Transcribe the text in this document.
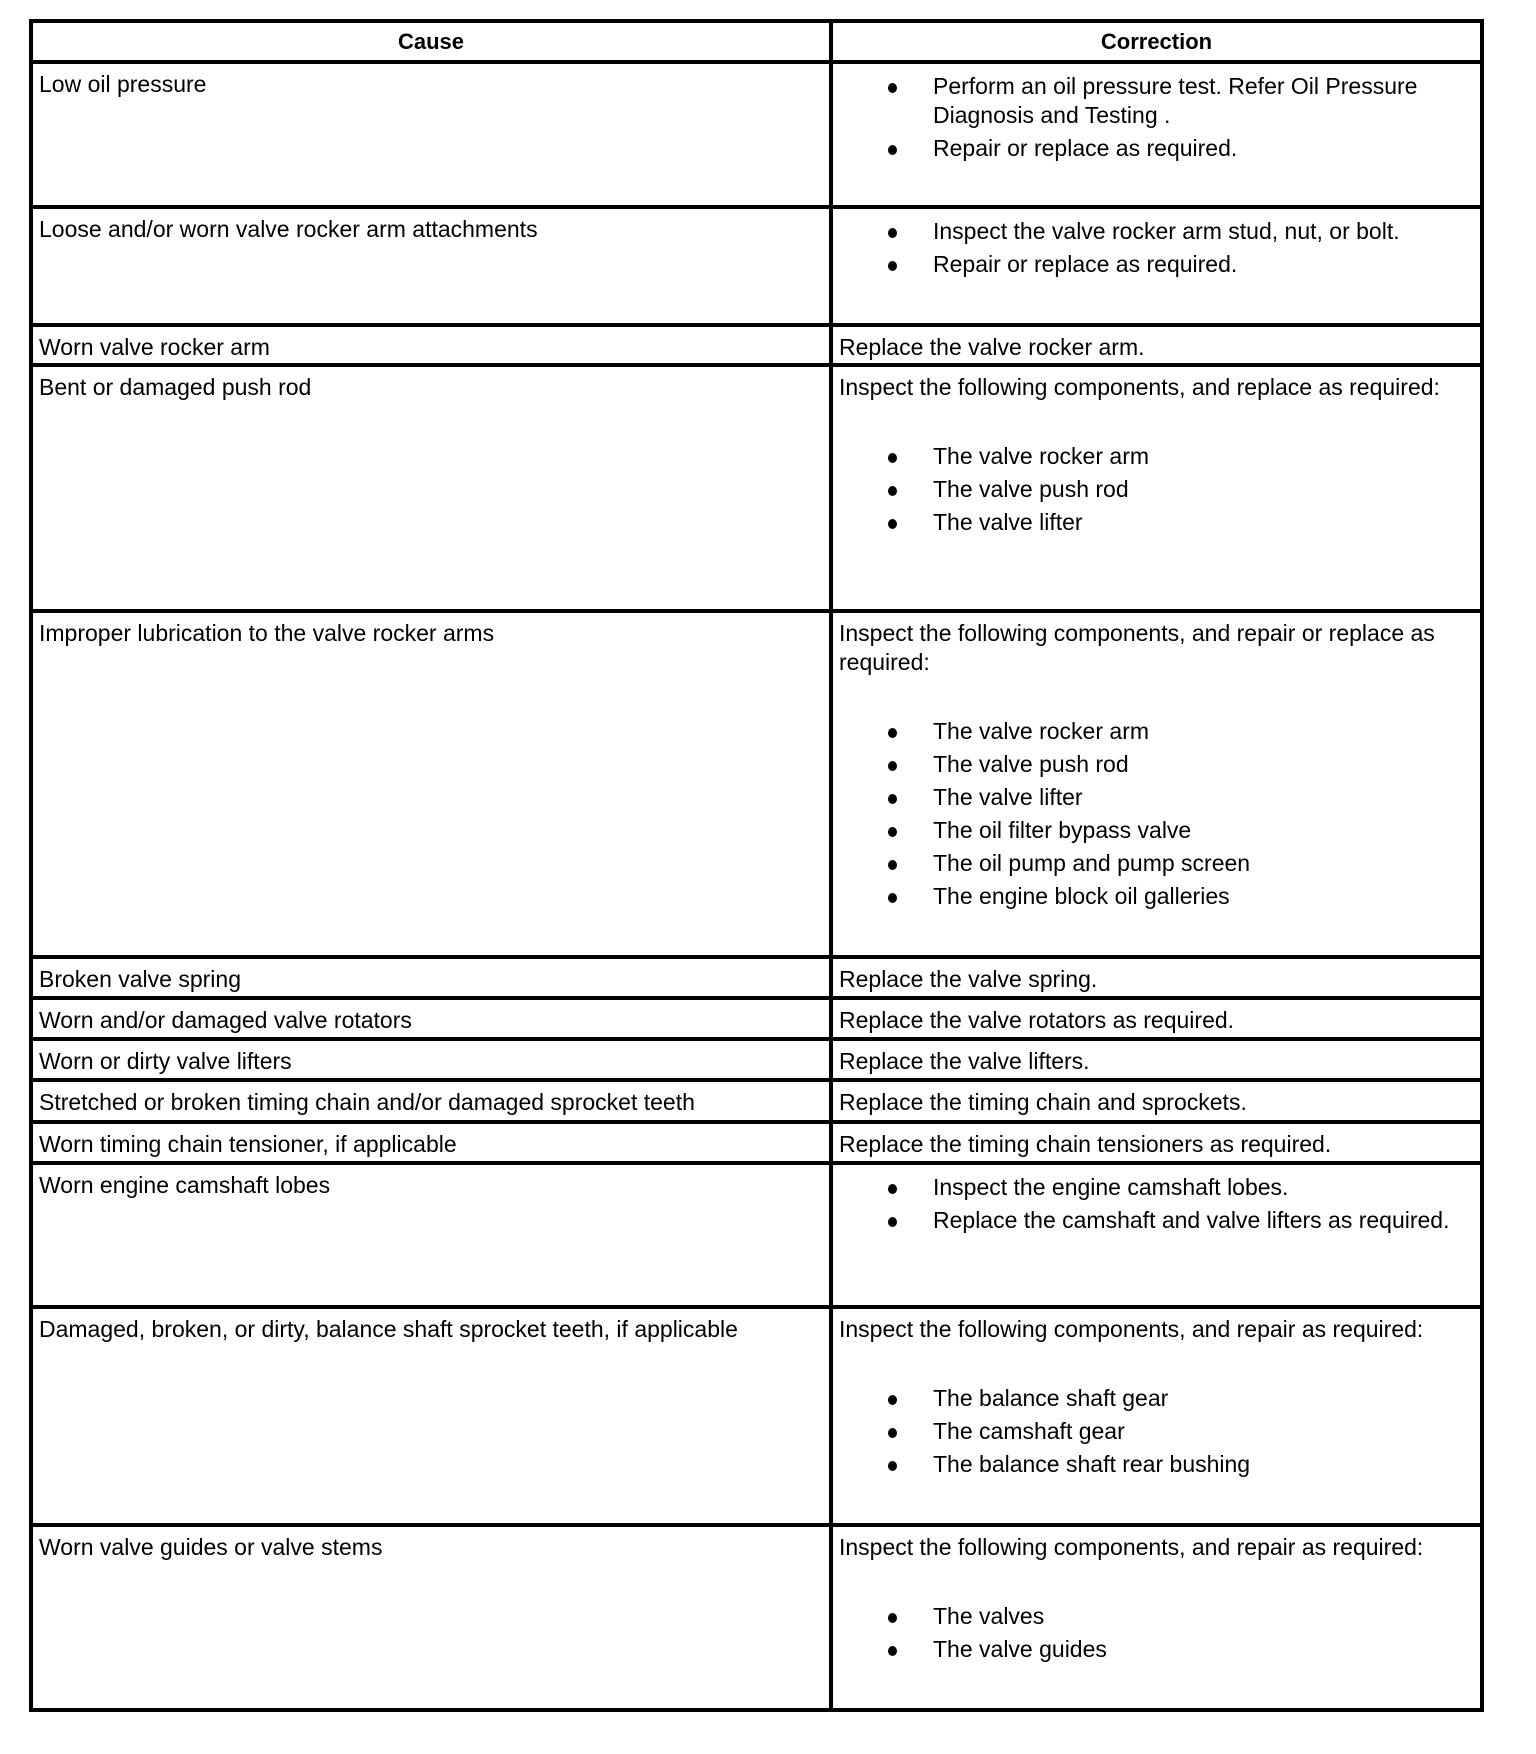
Cause	Correction

Low oil pressure	Perform an oil pressure test. Refer Oil Pressure Diagnosis and Testing .
Repair or replace as required.

Loose and/or worn valve rocker arm attachments	Inspect the valve rocker arm stud, nut, or bolt.
Repair or replace as required.

Worn valve rocker arm	Replace the valve rocker arm.

Bent or damaged push rod	Inspect the following components, and replace as required:
The valve rocker arm
The valve push rod
The valve lifter

Improper lubrication to the valve rocker arms	Inspect the following components, and repair or replace as required:
The valve rocker arm
The valve push rod
The valve lifter
The oil filter bypass valve
The oil pump and pump screen
The engine block oil galleries

Broken valve spring	Replace the valve spring.

Worn and/or damaged valve rotators	Replace the valve rotators as required.

Worn or dirty valve lifters	Replace the valve lifters.

Stretched or broken timing chain and/or damaged sprocket teeth	Replace the timing chain and sprockets.

Worn timing chain tensioner, if applicable	Replace the timing chain tensioners as required.

Worn engine camshaft lobes	Inspect the engine camshaft lobes.
Replace the camshaft and valve lifters as required.

Damaged, broken, or dirty, balance shaft sprocket teeth, if applicable	Inspect the following components, and repair as required:
The balance shaft gear
The camshaft gear
The balance shaft rear bushing

Worn valve guides or valve stems	Inspect the following components, and repair as required:
The valves
The valve guides
